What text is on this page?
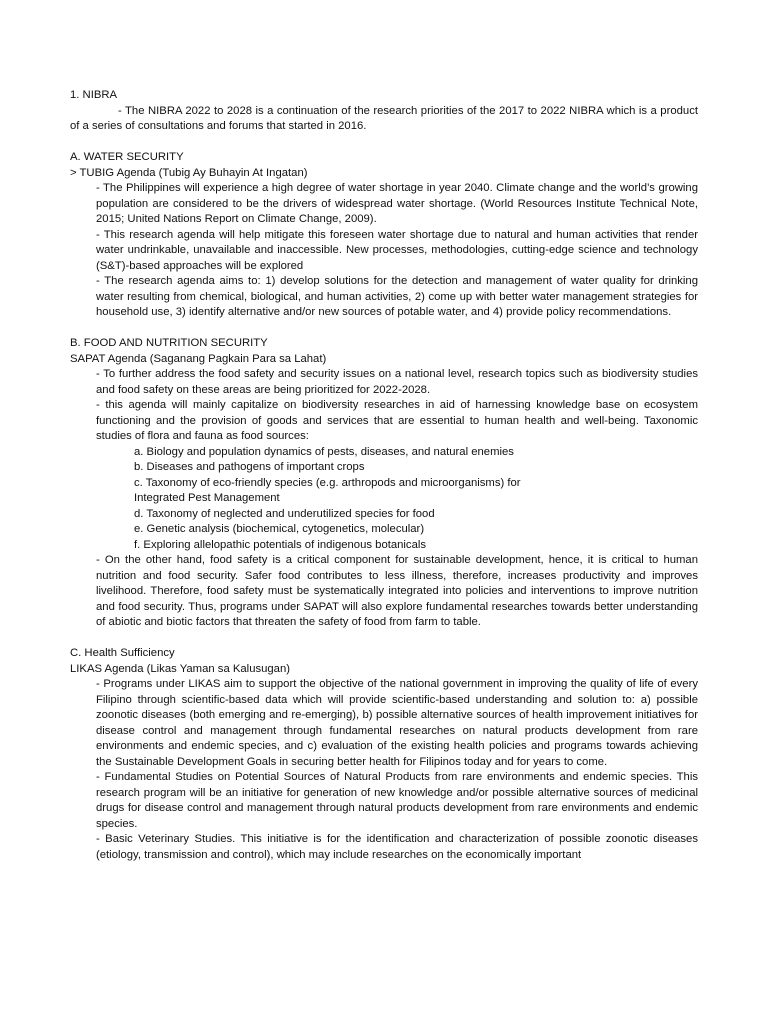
1. NIBRA

- The NIBRA 2022 to 2028 is a continuation of the research priorities of the 2017 to 2022 NIBRA which is a product of a series of consultations and forums that started in 2016.

A. WATER SECURITY

> TUBIG Agenda (Tubig Ay Buhayin At Ingatan)

- The Philippines will experience a high degree of water shortage in year 2040. Climate change and the world’s growing population are considered to be the drivers of widespread water shortage. (World Resources Institute Technical Note, 2015; United Nations Report on Climate Change, 2009).

- This research agenda will help mitigate this foreseen water shortage due to natural and human activities that render water undrinkable, unavailable and inaccessible. New processes, methodologies, cutting-edge science and technology (S&T)-based approaches will be explored

- The research agenda aims to: 1) develop solutions for the detection and management of water quality for drinking water resulting from chemical, biological, and human activities, 2) come up with better water management strategies for household use, 3) identify alternative and/or new sources of potable water, and 4) provide policy recommendations.

B. FOOD AND NUTRITION SECURITY

SAPAT Agenda (Saganang Pagkain Para sa Lahat)

- To further address the food safety and security issues on a national level, research topics such as biodiversity studies and food safety on these areas are being prioritized for 2022-2028.

- this agenda will mainly capitalize on biodiversity researches in aid of harnessing knowledge base on ecosystem functioning and the provision of goods and services that are essential to human health and well-being. Taxonomic studies of flora and fauna as food sources:

a. Biology and population dynamics of pests, diseases, and natural enemies

b. Diseases and pathogens of important crops

c. Taxonomy of eco-friendly species (e.g. arthropods and microorganisms) for

Integrated Pest Management

d. Taxonomy of neglected and underutilized species for food

e. Genetic analysis (biochemical, cytogenetics, molecular)

f. Exploring allelopathic potentials of indigenous botanicals

- On the other hand, food safety is a critical component for sustainable development, hence, it is critical to human nutrition and food security. Safer food contributes to less illness, therefore, increases productivity and improves livelihood. Therefore, food safety must be systematically integrated into policies and interventions to improve nutrition and food security. Thus, programs under SAPAT will also explore fundamental researches towards better understanding of abiotic and biotic factors that threaten the safety of food from farm to table.

C. Health Sufficiency

LIKAS Agenda (Likas Yaman sa Kalusugan)

- Programs under LIKAS aim to support the objective of the national government in improving the quality of life of every Filipino through scientific-based data which will provide scientific-based understanding and solution to: a) possible zoonotic diseases (both emerging and re-emerging), b) possible alternative sources of health improvement initiatives for disease control and management through fundamental researches on natural products development from rare environments and endemic species, and c) evaluation of the existing health policies and programs towards achieving the Sustainable Development Goals in securing better health for Filipinos today and for years to come.

- Fundamental Studies on Potential Sources of Natural Products from rare environments and endemic species. This research program will be an initiative for generation of new knowledge and/or possible alternative sources of medicinal drugs for disease control and management through natural products development from rare environments and endemic species.

- Basic Veterinary Studies. This initiative is for the identification and characterization of possible zoonotic diseases (etiology, transmission and control), which may include researches on the economically important
